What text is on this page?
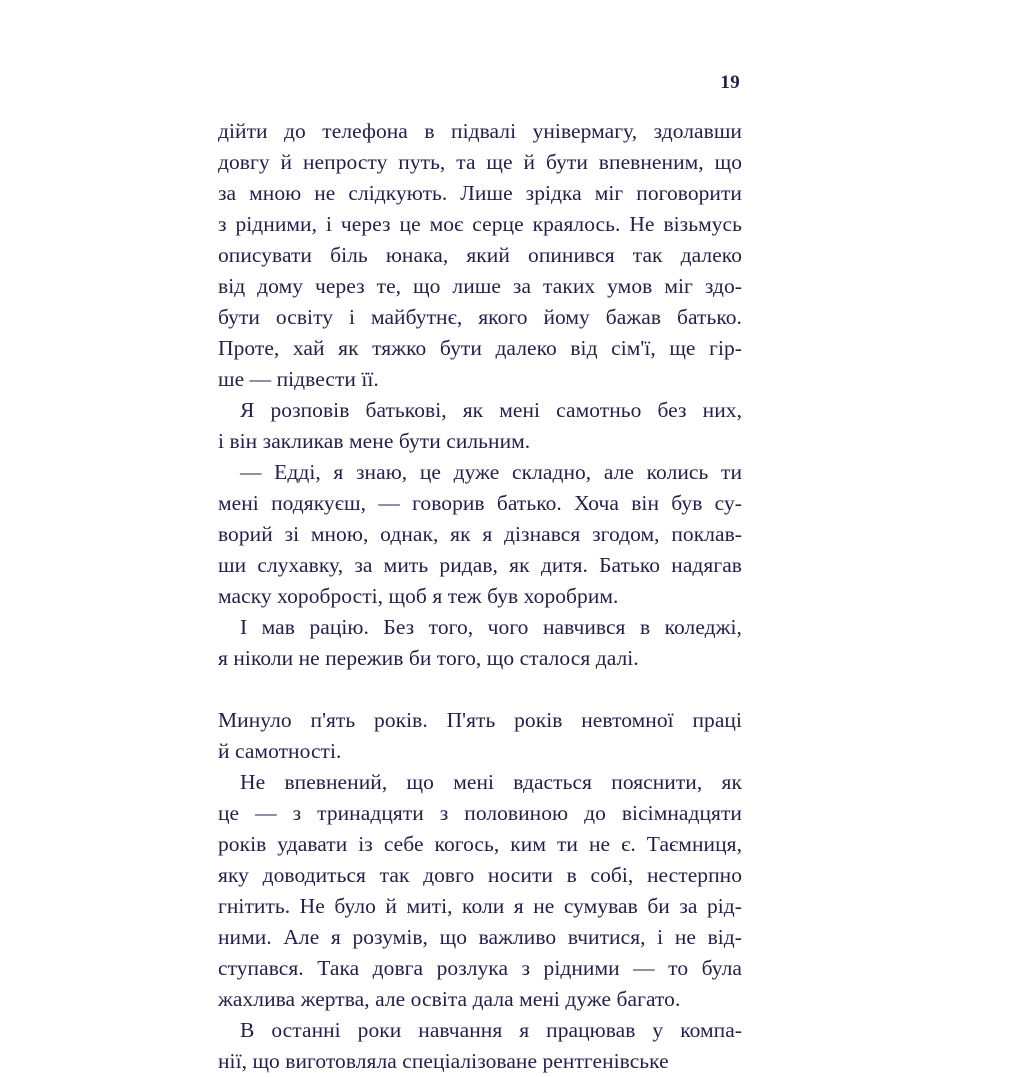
19

дійти до телефона в підвалі універмагу, здолавши
довгу й непросту путь, та ще й бути впевненим, що
за мною не слідкують. Лише зрідка міг поговорити
з рідними, і через це моє серце краялось. Не візьмусь
описувати біль юнака, який опинився так далеко
від дому через те, що лише за таких умов міг здо-
бути освіту і майбутнє, якого йому бажав батько.
Проте, хай як тяжко бути далеко від сім'ї, ще гір-
ше — підвести її.

Я розповів батькові, як мені самотньо без них,
і він закликав мене бути сильним.

— Едді, я знаю, це дуже складно, але колись ти
мені подякуєш, — говорив батько. Хоча він був су-
ворий зі мною, однак, як я дізнався згодом, поклав-
ши слухавку, за мить ридав, як дитя. Батько надягав
маску хоробрості, щоб я теж був хоробрим.

І мав рацію. Без того, чого навчився в коледжі,
я ніколи не пережив би того, що сталося далі.

Минуло п'ять років. П'ять років невтомної праці
й самотності.

Не впевнений, що мені вдасться пояснити, як
це — з тринадцяти з половиною до вісімнадцяти
років удавати із себе когось, ким ти не є. Таємниця,
яку доводиться так довго носити в собі, нестерпно
гнітить. Не було й миті, коли я не сумував би за рід-
ними. Але я розумів, що важливо вчитися, і не від-
ступався. Така довга розлука з рідними — то була
жахлива жертва, але освіта дала мені дуже багато.

В останні роки навчання я працював у компа-
нії, що виготовляла спеціалізоване рентгенівське
